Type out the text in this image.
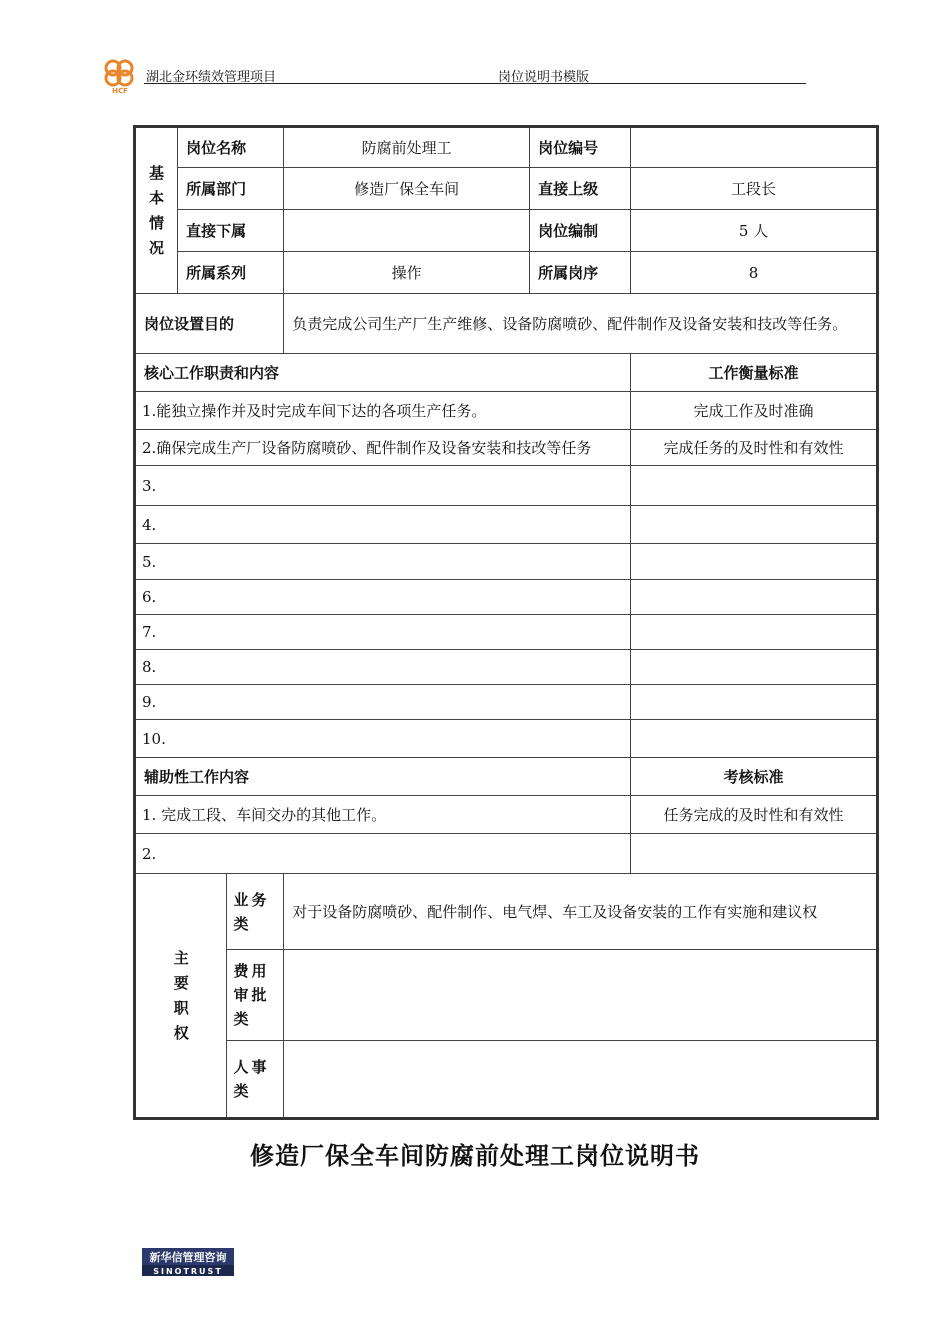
HCF
湖北金环绩效管理项目	岗位说明书模版
基
本
情
况	岗位名称		防腐前处理工	岗位编号	
	所属部门		修造厂保全车间	直接上级	工段长
	直接下属			岗位编制	5 人
	所属系列		操作	所属岗序	8
岗位设置目的			负责完成公司生产厂生产维修、设备防腐喷砂、配件制作及设备安装和技改等任务。		
核心工作职责和内容					工作衡量标准
1.能独立操作并及时完成车间下达的各项生产任务。					完成工作及时准确
2.确保完成生产厂设备防腐喷砂、配件制作及设备安装和技改等任务					完成任务的及时性和有效性
3.					
4.					
5.					
6.					
7.					
8.					
9.					
10.					
辅助性工作内容					考核标准
1. 完成工段、车间交办的其他工作。					任务完成的及时性和有效性
2.					

主
要
职
权		业务类	对于设备防腐喷砂、配件制作、电气焊、车工及设备安装的工作有实施和建议权		
		费用审批类			
		人事类			
修造厂保全车间防腐前处理工岗位说明书
新华信管理咨询
SINOTRUST
